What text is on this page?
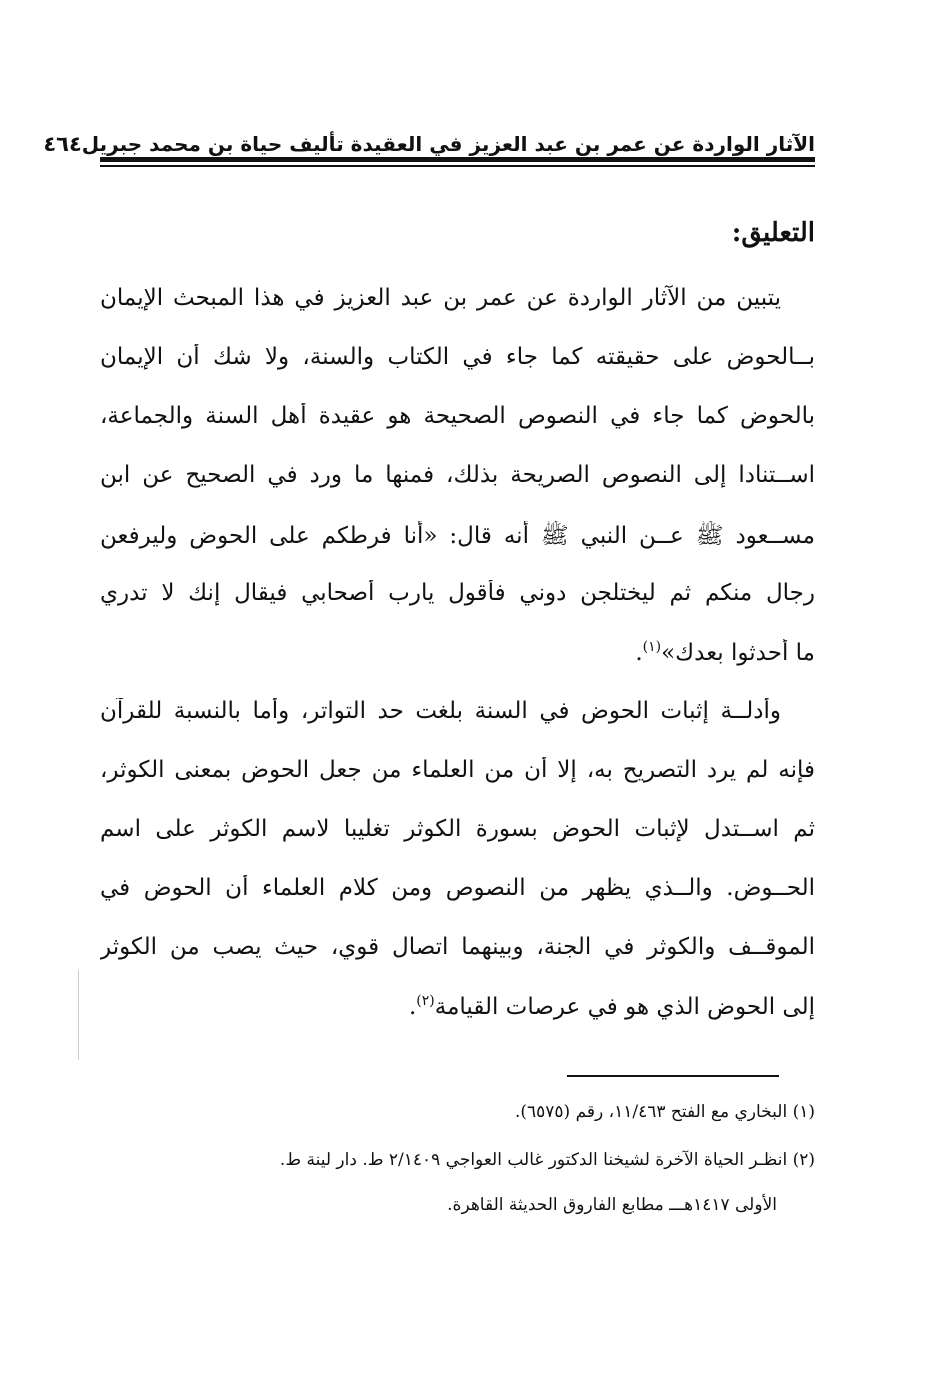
الآثار الواردة عن عمر بن عبد العزيز في العقيدة تأليف حياة بن محمد جبريل
٤٦٤
التعليق:
يتبين من الآثار الواردة عن عمر بن عبد العزيز في هذا المبحث الإيمان
بــالحوض على حقيقته كما جاء في الكتاب والسنة، ولا شك أن الإيمان
بالحوض كما جاء في النصوص الصحيحة هو عقيدة أهل السنة والجماعة،
اســتنادا إلى النصوص الصريحة بذلك، فمنها ما ورد في الصحيح عن ابن
مســعود ﷺ عــن النبي ﷺ أنه قال: «أنا فرطكم على الحوض وليرفعن
رجال منكم ثم ليختلجن دوني فأقول يارب أصحابي فيقال إنك لا تدري
ما أحدثوا بعدك»$^{(١)}$.
وأدلــة إثبات الحوض في السنة بلغت حد التواتر، وأما بالنسبة للقرآن
فإنه لم يرد التصريح به، إلا أن من العلماء من جعل الحوض بمعنى الكوثر،
ثم اســتدل لإثبات الحوض بسورة الكوثر تغليبا لاسم الكوثر على اسم
الحــوض. والــذي يظهر من النصوص ومن كلام العلماء أن الحوض في
الموقــف والكوثر في الجنة، وبينهما اتصال قوي، حيث يصب من الكوثر
إلى الحوض الذي هو في عرصات القيامة$^{(٢)}$.
(١) البخاري مع الفتح ١١/٤٦٣، رقم (٦٥٧٥).
(٢) انظـر الحياة الآخرة لشيخنا الدكتور غالب العواجي ٢/١٤٠٩ ط. دار لينة ط.
الأولى ١٤١٧هـــ مطابع الفاروق الحديثة القاهرة.
